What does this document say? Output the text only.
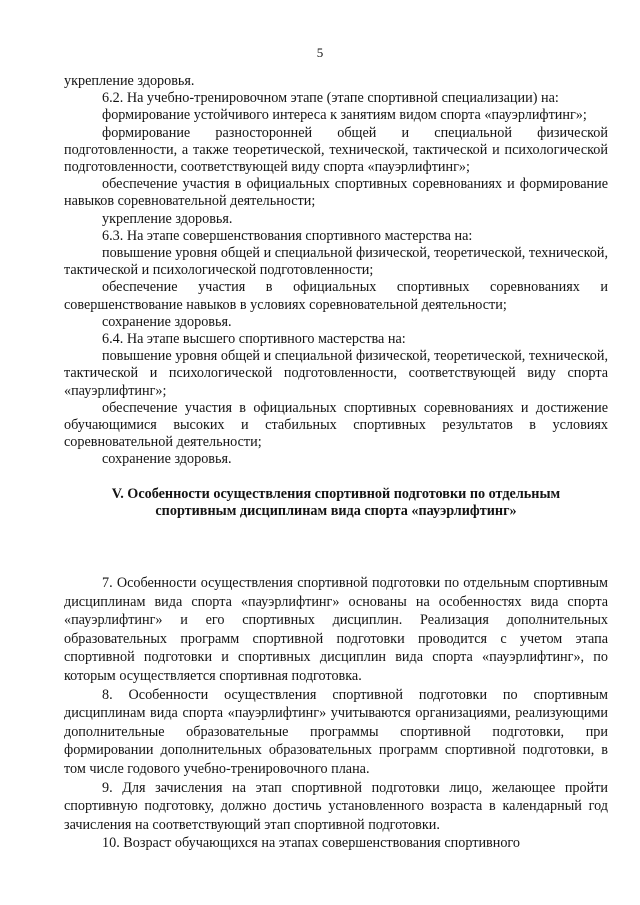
5

укрепление здоровья.

6.2. На учебно-тренировочном этапе (этапе спортивной специализации) на:

формирование устойчивого интереса к занятиям видом спорта «пауэрлифтинг»;

формирование разносторонней общей и специальной физической подготовленности, а также теоретической, технической, тактической и психологической подготовленности, соответствующей виду спорта «пауэрлифтинг»;

обеспечение участия в официальных спортивных соревнованиях и формирование навыков соревновательной деятельности;

укрепление здоровья.

6.3. На этапе совершенствования спортивного мастерства на:

повышение уровня общей и специальной физической, теоретической, технической, тактической и психологической подготовленности;

обеспечение участия в официальных спортивных соревнованиях и совершенствование навыков в условиях соревновательной деятельности;

сохранение здоровья.

6.4. На этапе высшего спортивного мастерства на:

повышение уровня общей и специальной физической, теоретической, технической, тактической и психологической подготовленности, соответствующей виду спорта «пауэрлифтинг»;

обеспечение участия в официальных спортивных соревнованиях и достижение обучающимися высоких и стабильных спортивных результатов в условиях соревновательной деятельности;

сохранение здоровья.

V. Особенности осуществления спортивной подготовки по отдельным

спортивным дисциплинам вида спорта «пауэрлифтинг»

7. Особенности осуществления спортивной подготовки по отдельным спортивным дисциплинам вида спорта «пауэрлифтинг» основаны на особенностях вида спорта «пауэрлифтинг» и его спортивных дисциплин. Реализация дополнительных образовательных программ спортивной подготовки проводится с учетом этапа спортивной подготовки и спортивных дисциплин вида спорта «пауэрлифтинг», по которым осуществляется спортивная подготовка.

8. Особенности осуществления спортивной подготовки по спортивным дисциплинам вида спорта «пауэрлифтинг» учитываются организациями, реализующими дополнительные образовательные программы спортивной подготовки, при формировании дополнительных образовательных программ спортивной подготовки, в том числе годового учебно-тренировочного плана.

9. Для зачисления на этап спортивной подготовки лицо, желающее пройти спортивную подготовку, должно достичь установленного возраста в календарный год зачисления на соответствующий этап спортивной подготовки.

10. Возраст обучающихся на этапах совершенствования спортивного
